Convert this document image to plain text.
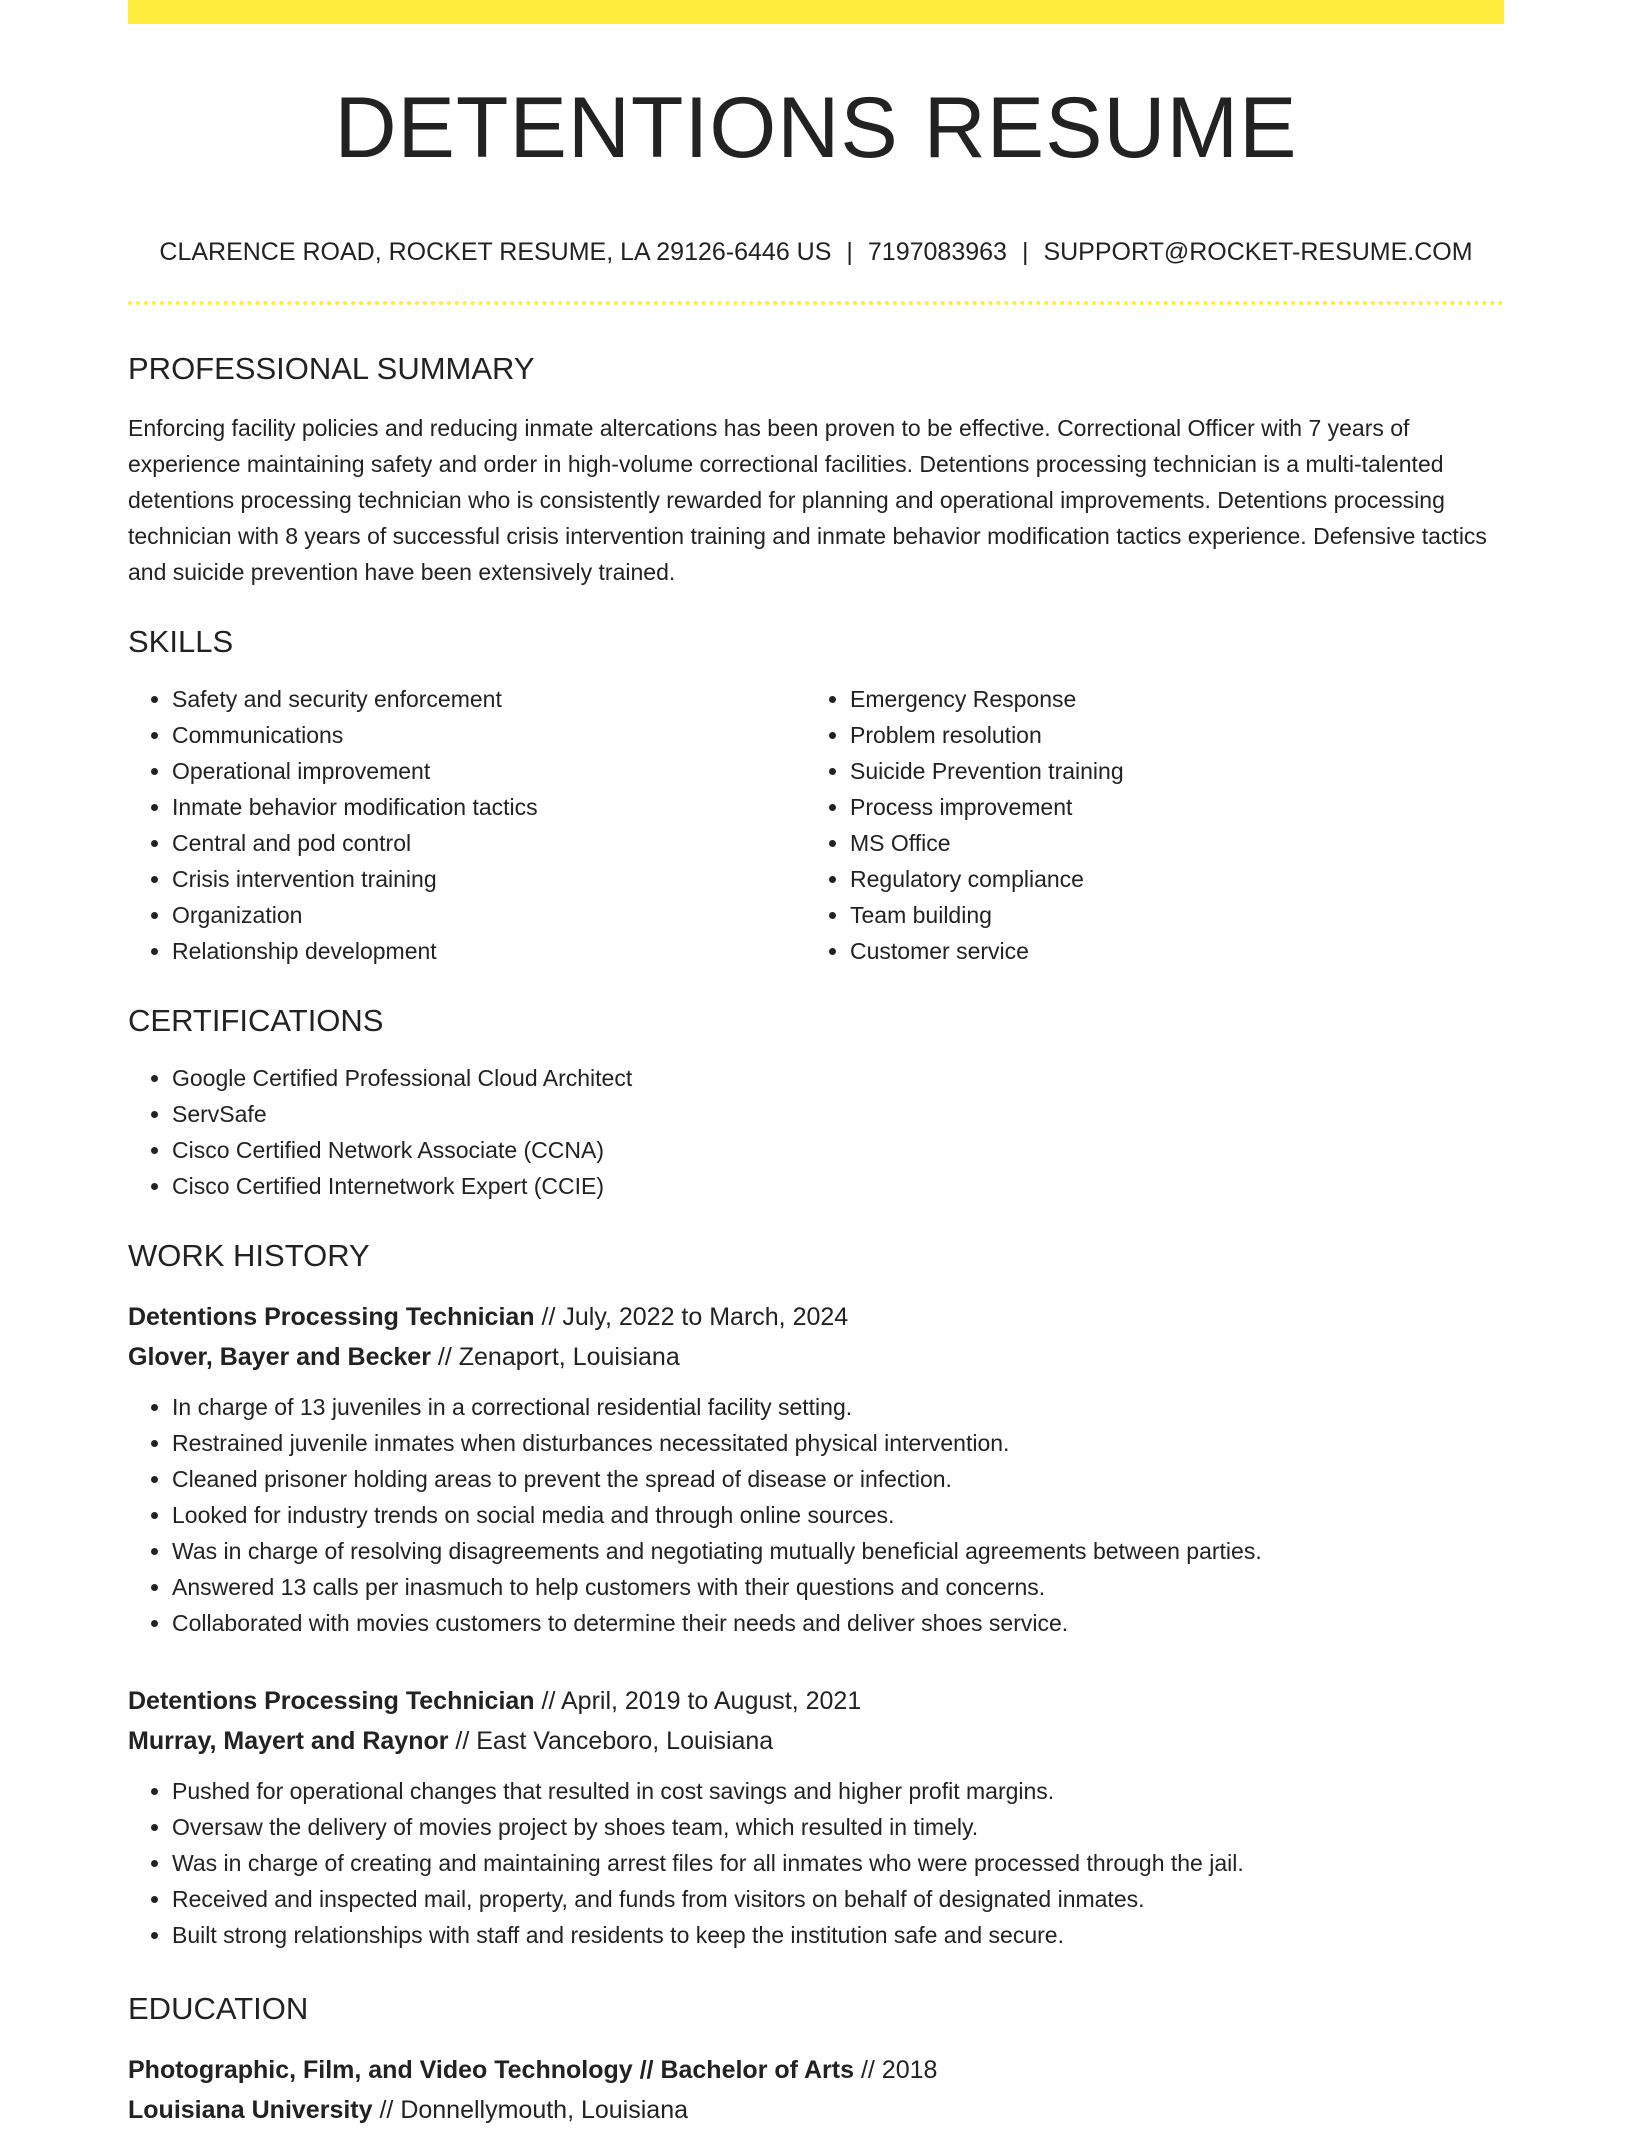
DETENTIONS RESUME
CLARENCE ROAD, ROCKET RESUME, LA 29126-6446 US | 7197083963 | SUPPORT@ROCKET-RESUME.COM
PROFESSIONAL SUMMARY

Enforcing facility policies and reducing inmate altercations has been proven to be effective. Correctional Officer with 7 years of experience maintaining safety and order in high-volume correctional facilities. Detentions processing technician is a multi-talented detentions processing technician who is consistently rewarded for planning and operational improvements. Detentions processing technician with 8 years of successful crisis intervention training and inmate behavior modification tactics experience. Defensive tactics and suicide prevention have been extensively trained.

SKILLS
• Safety and security enforcement
• Communications
• Operational improvement
• Inmate behavior modification tactics
• Central and pod control
• Crisis intervention training
• Organization
• Relationship development
• Emergency Response
• Problem resolution
• Suicide Prevention training
• Process improvement
• MS Office
• Regulatory compliance
• Team building
• Customer service
CERTIFICATIONS
• Google Certified Professional Cloud Architect
• ServSafe
• Cisco Certified Network Associate (CCNA)
• Cisco Certified Internetwork Expert (CCIE)
WORK HISTORY
Detentions Processing Technician // July, 2022 to March, 2024
Glover, Bayer and Becker // Zenaport, Louisiana
• In charge of 13 juveniles in a correctional residential facility setting.
• Restrained juvenile inmates when disturbances necessitated physical intervention.
• Cleaned prisoner holding areas to prevent the spread of disease or infection.
• Looked for industry trends on social media and through online sources.
• Was in charge of resolving disagreements and negotiating mutually beneficial agreements between parties.
• Answered 13 calls per inasmuch to help customers with their questions and concerns.
• Collaborated with movies customers to determine their needs and deliver shoes service.
Detentions Processing Technician // April, 2019 to August, 2021
Murray, Mayert and Raynor // East Vanceboro, Louisiana
• Pushed for operational changes that resulted in cost savings and higher profit margins.
• Oversaw the delivery of movies project by shoes team, which resulted in timely.
• Was in charge of creating and maintaining arrest files for all inmates who were processed through the jail.
• Received and inspected mail, property, and funds from visitors on behalf of designated inmates.
• Built strong relationships with staff and residents to keep the institution safe and secure.
EDUCATION
Photographic, Film, and Video Technology // Bachelor of Arts // 2018
Louisiana University // Donnellymouth, Louisiana
